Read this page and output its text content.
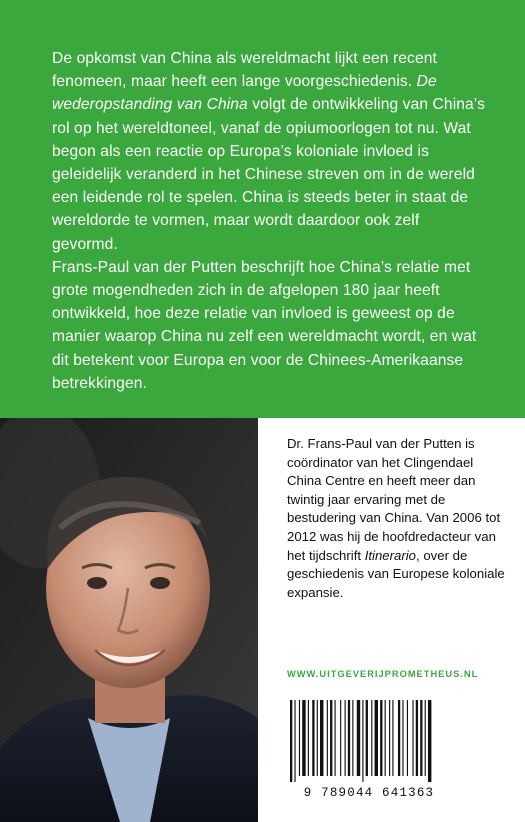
De opkomst van China als wereldmacht lijkt een recent fenomeen, maar heeft een lange voorgeschiedenis. De wederopstanding van China volgt de ontwikkeling van China’s rol op het wereldtoneel, vanaf de opiumoorlogen tot nu. Wat begon als een reactie op Europa’s koloniale invloed is geleidelijk veranderd in het Chinese streven om in de wereld een leidende rol te spelen. China is steeds beter in staat de wereldorde te vormen, maar wordt daardoor ook zelf gevormd.

Frans-Paul van der Putten beschrijft hoe China’s relatie met grote mogendheden zich in de afgelopen 180 jaar heeft ontwikkeld, hoe deze relatie van invloed is geweest op de manier waarop China nu zelf een wereldmacht wordt, en wat dit betekent voor Europa en voor de Chinees-Amerikaanse betrekkingen.

Dr. Frans-Paul van der Putten is coördinator van het Clingendael China Centre en heeft meer dan twintig jaar ervaring met de bestudering van China. Van 2006 tot 2012 was hij de hoofdredacteur van het tijdschrift Itinerario, over de geschiedenis van Europese koloniale expansie.
WWW.UITGEVERIJPROMETHEUS.NL
9 789044 641363
